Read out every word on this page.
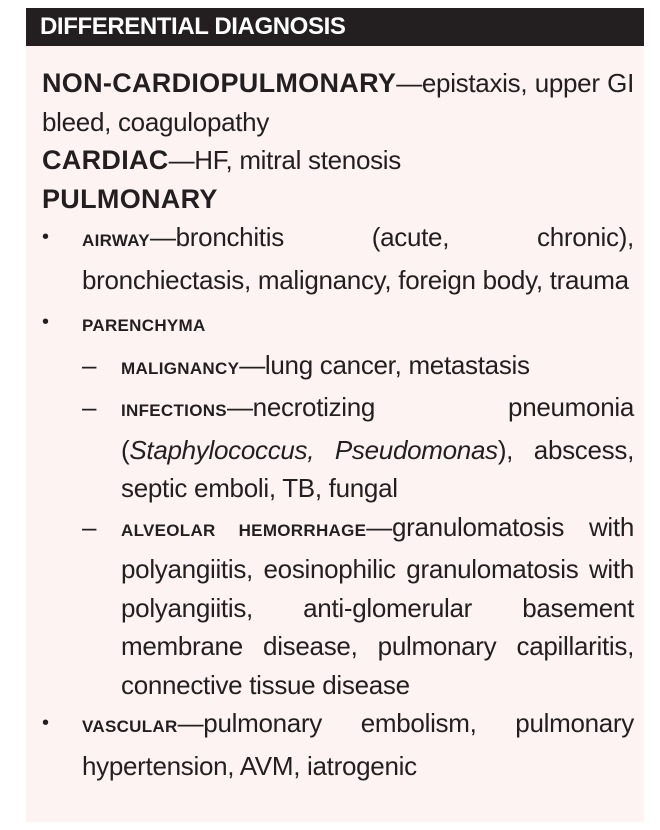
DIFFERENTIAL DIAGNOSIS
NON-CARDIOPULMONARY—epistaxis, upper GI bleed, coagulopathy
CARDIAC—HF, mitral stenosis
PULMONARY
•	AIRWAY—bronchitis (acute, chronic), bronchiectasis, malignancy, foreign body, trauma
•	PARENCHYMA
– MALIGNANCY—lung cancer, metastasis
– INFECTIONS—necrotizing pneumonia (Staphylococcus, Pseudomonas), abscess, septic emboli, TB, fungal
– ALVEOLAR HEMORRHAGE—granulomatosis with polyangiitis, eosinophilic granulomatosis with polyangiitis, anti-glomerular basement membrane disease, pulmonary capillaritis, connective tissue disease
•	VASCULAR—pulmonary embolism, pulmonary hypertension, AVM, iatrogenic
